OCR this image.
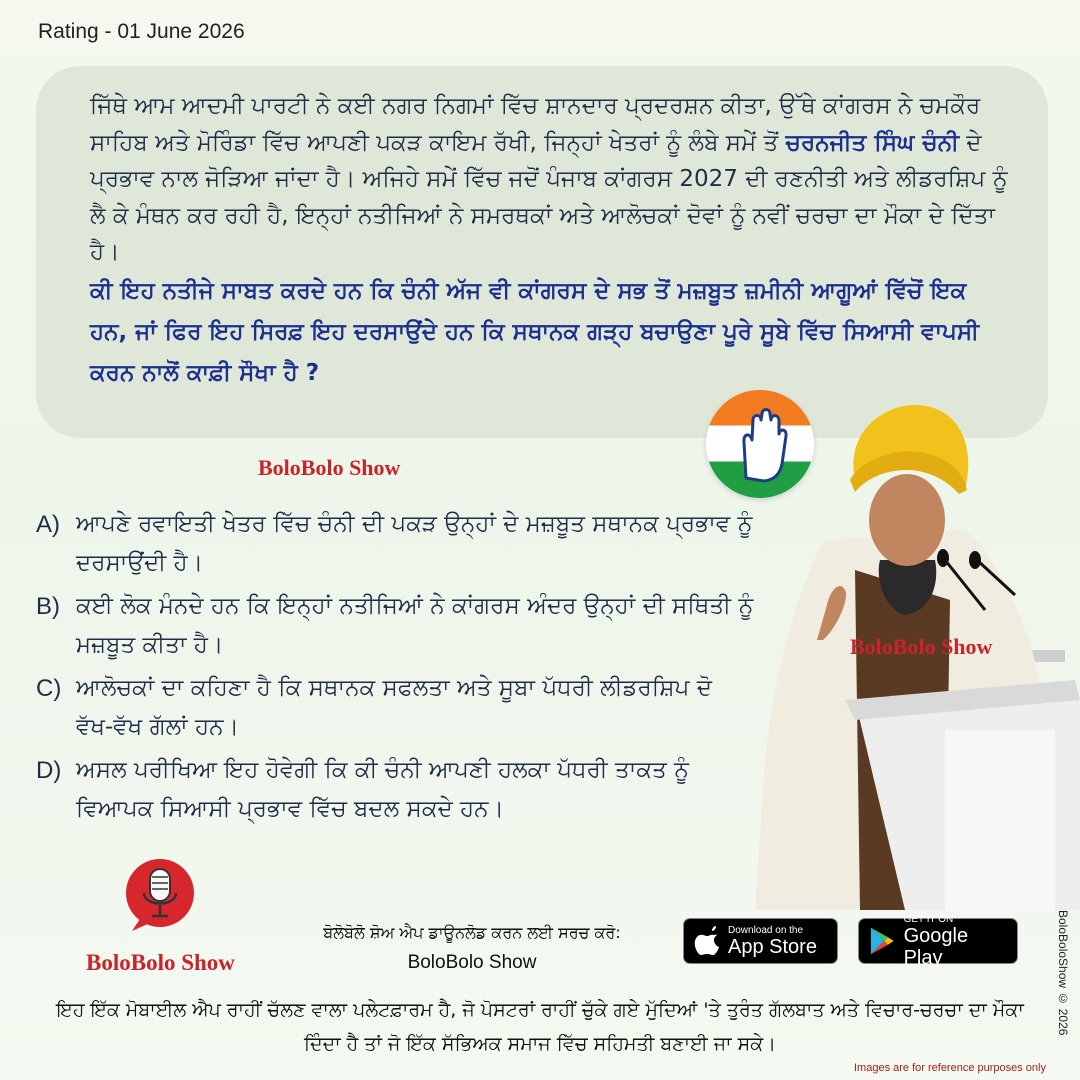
Rating - 01 June 2026
ਜਿੱਥੇ ਆਮ ਆਦਮੀ ਪਾਰਟੀ ਨੇ ਕਈ ਨਗਰ ਨਿਗਮਾਂ ਵਿੱਚ ਸ਼ਾਨਦਾਰ ਪ੍ਰਦਰਸ਼ਨ ਕੀਤਾ, ਉੱਥੇ ਕਾਂਗਰਸ ਨੇ ਚਮਕੌਰ ਸਾਹਿਬ ਅਤੇ ਮੋਰਿੰਡਾ ਵਿੱਚ ਆਪਣੀ ਪਕੜ ਕਾਇਮ ਰੱਖੀ, ਜਿਨ੍ਹਾਂ ਖੇਤਰਾਂ ਨੂੰ ਲੰਬੇ ਸਮੇਂ ਤੋਂ ਚਰਨਜੀਤ ਸਿੰਘ ਚੰਨੀ ਦੇ ਪ੍ਰਭਾਵ ਨਾਲ ਜੋੜਿਆ ਜਾਂਦਾ ਹੈ। ਅਜਿਹੇ ਸਮੇਂ ਵਿੱਚ ਜਦੋਂ ਪੰਜਾਬ ਕਾਂਗਰਸ 2027 ਦੀ ਰਣਨੀਤੀ ਅਤੇ ਲੀਡਰਸ਼ਿਪ ਨੂੰ ਲੈ ਕੇ ਮੰਥਨ ਕਰ ਰਹੀ ਹੈ, ਇਨ੍ਹਾਂ ਨਤੀਜਿਆਂ ਨੇ ਸਮਰਥਕਾਂ ਅਤੇ ਆਲੋਚਕਾਂ ਦੋਵਾਂ ਨੂੰ ਨਵੀਂ ਚਰਚਾ ਦਾ ਮੌਕਾ ਦੇ ਦਿੱਤਾ ਹੈ।
ਕੀ ਇਹ ਨਤੀਜੇ ਸਾਬਤ ਕਰਦੇ ਹਨ ਕਿ ਚੰਨੀ ਅੱਜ ਵੀ ਕਾਂਗਰਸ ਦੇ ਸਭ ਤੋਂ ਮਜ਼ਬੂਤ ਜ਼ਮੀਨੀ ਆਗੂਆਂ ਵਿੱਚੋਂ ਇਕ ਹਨ, ਜਾਂ ਫਿਰ ਇਹ ਸਿਰਫ਼ ਇਹ ਦਰਸਾਉਂਦੇ ਹਨ ਕਿ ਸਥਾਨਕ ਗੜ੍ਹ ਬਚਾਉਣਾ ਪੂਰੇ ਸੂਬੇ ਵਿੱਚ ਸਿਆਸੀ ਵਾਪਸੀ ਕਰਨ ਨਾਲੋਂ ਕਾਫ਼ੀ ਸੌਖਾ ਹੈ ?
BoloBolo Show
BoloBolo Show
A) ਆਪਣੇ ਰਵਾਇਤੀ ਖੇਤਰ ਵਿੱਚ ਚੰਨੀ ਦੀ ਪਕੜ ਉਨ੍ਹਾਂ ਦੇ ਮਜ਼ਬੂਤ ਸਥਾਨਕ ਪ੍ਰਭਾਵ ਨੂੰ ਦਰਸਾਉਂਦੀ ਹੈ।
B) ਕਈ ਲੋਕ ਮੰਨਦੇ ਹਨ ਕਿ ਇਨ੍ਹਾਂ ਨਤੀਜਿਆਂ ਨੇ ਕਾਂਗਰਸ ਅੰਦਰ ਉਨ੍ਹਾਂ ਦੀ ਸਥਿਤੀ ਨੂੰ ਮਜ਼ਬੂਤ ਕੀਤਾ ਹੈ।
C) ਆਲੋਚਕਾਂ ਦਾ ਕਹਿਣਾ ਹੈ ਕਿ ਸਥਾਨਕ ਸਫਲਤਾ ਅਤੇ ਸੂਬਾ ਪੱਧਰੀ ਲੀਡਰਸ਼ਿਪ ਦੋ ਵੱਖ-ਵੱਖ ਗੱਲਾਂ ਹਨ।
D) ਅਸਲ ਪਰੀਖਿਆ ਇਹ ਹੋਵੇਗੀ ਕਿ ਕੀ ਚੰਨੀ ਆਪਣੀ ਹਲਕਾ ਪੱਧਰੀ ਤਾਕਤ ਨੂੰ ਵਿਆਪਕ ਸਿਆਸੀ ਪ੍ਰਭਾਵ ਵਿੱਚ ਬਦਲ ਸਕਦੇ ਹਨ।
BoloBolo Show
ਬੋਲੋਬੋਲੋ ਸ਼ੋਅ ਐਪ ਡਾਊਨਲੋਡ ਕਰਨ ਲਈ ਸਰਚ ਕਰੋ:
BoloBolo Show
Download on the
App Store
GET IT ON
Google Play
ਇਹ ਇੱਕ ਮੋਬਾਈਲ ਐਪ ਰਾਹੀਂ ਚੱਲਣ ਵਾਲਾ ਪਲੇਟਫ਼ਾਰਮ ਹੈ, ਜੋ ਪੋਸਟਰਾਂ ਰਾਹੀਂ ਚੁੱਕੇ ਗਏ ਮੁੱਦਿਆਂ 'ਤੇ ਤੁਰੰਤ ਗੱਲਬਾਤ ਅਤੇ ਵਿਚਾਰ-ਚਰਚਾ ਦਾ ਮੌਕਾ ਦਿੰਦਾ ਹੈ ਤਾਂ ਜੋ ਇੱਕ ਸੱਭਿਅਕ ਸਮਾਜ ਵਿੱਚ ਸਹਿਮਤੀ ਬਣਾਈ ਜਾ ਸਕੇ।
BoloBoloShow © 2026
Images are for reference purposes only
